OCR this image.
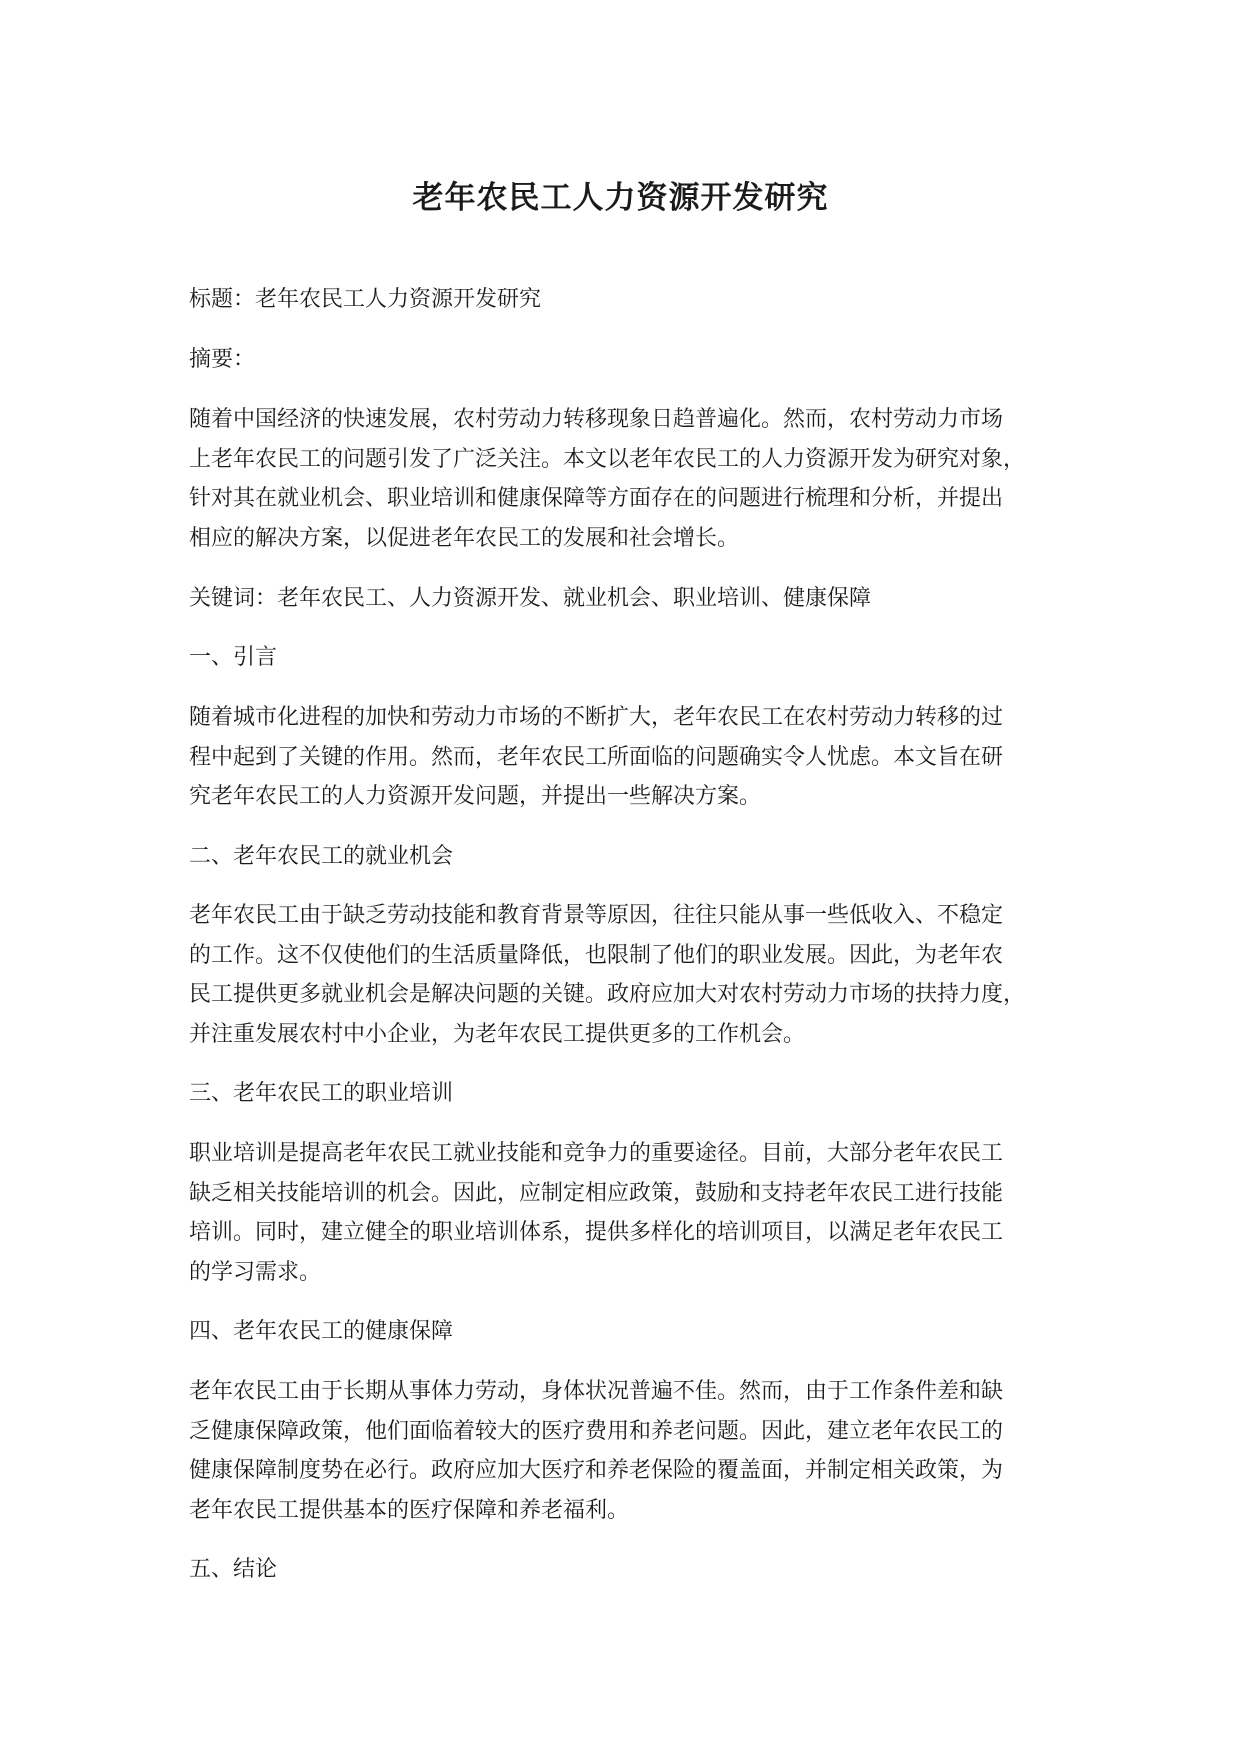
老年农民工人力资源开发研究

标题：老年农民工人力资源开发研究

摘要：

随着中国经济的快速发展，农村劳动力转移现象日趋普遍化。然而，农村劳动力市场

上老年农民工的问题引发了广泛关注。本文以老年农民工的人力资源开发为研究对象，

针对其在就业机会、职业培训和健康保障等方面存在的问题进行梳理和分析，并提出

相应的解决方案，以促进老年农民工的发展和社会增长。

关键词：老年农民工、人力资源开发、就业机会、职业培训、健康保障

一、引言

随着城市化进程的加快和劳动力市场的不断扩大，老年农民工在农村劳动力转移的过

程中起到了关键的作用。然而，老年农民工所面临的问题确实令人忧虑。本文旨在研

究老年农民工的人力资源开发问题，并提出一些解决方案。

二、老年农民工的就业机会

老年农民工由于缺乏劳动技能和教育背景等原因，往往只能从事一些低收入、不稳定

的工作。这不仅使他们的生活质量降低，也限制了他们的职业发展。因此，为老年农

民工提供更多就业机会是解决问题的关键。政府应加大对农村劳动力市场的扶持力度，

并注重发展农村中小企业，为老年农民工提供更多的工作机会。

三、老年农民工的职业培训

职业培训是提高老年农民工就业技能和竞争力的重要途径。目前，大部分老年农民工

缺乏相关技能培训的机会。因此，应制定相应政策，鼓励和支持老年农民工进行技能

培训。同时，建立健全的职业培训体系，提供多样化的培训项目，以满足老年农民工

的学习需求。

四、老年农民工的健康保障

老年农民工由于长期从事体力劳动，身体状况普遍不佳。然而，由于工作条件差和缺

乏健康保障政策，他们面临着较大的医疗费用和养老问题。因此，建立老年农民工的

健康保障制度势在必行。政府应加大医疗和养老保险的覆盖面，并制定相关政策，为

老年农民工提供基本的医疗保障和养老福利。

五、结论
